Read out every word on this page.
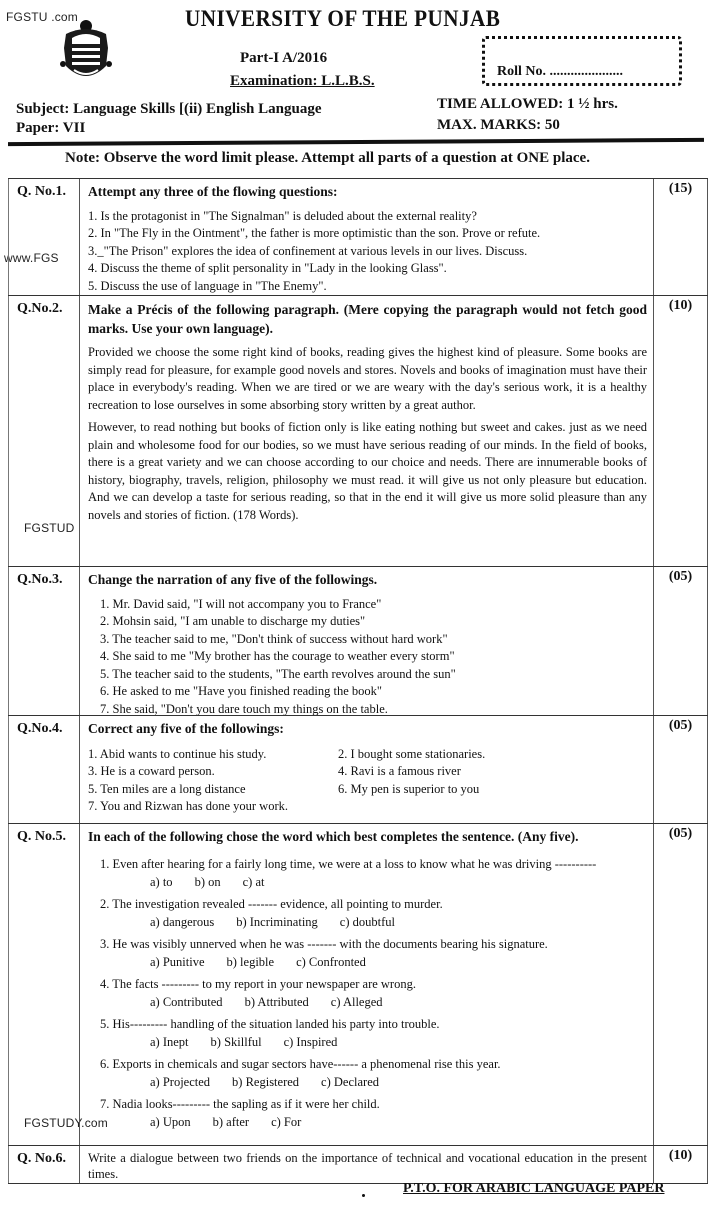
FGSTU .com
www.FGS
FGSTUD
FGSTUDY.com
UNIVERSITY OF THE PUNJAB
Part-I A/2016
Examination: L.L.B.S.
Roll No. .....................
Subject: Language Skills [(ii) English Language
Paper: VII
TIME ALLOWED: 1 ½ hrs.
MAX. MARKS: 50
Note: Observe the word limit please. Attempt all parts of a question at ONE place.
Q. No.1.	Attempt any three of the flowing questions:
1. Is the protagonist in "The Signalman" is deluded about the external reality?
2. In "The Fly in the Ointment", the father is more optimistic than the son. Prove or refute.
3._"The Prison" explores the idea of confinement at various levels in our lives. Discuss.
4. Discuss the theme of split personality in "Lady in the looking Glass".
5. Discuss the use of language in "The Enemy".
(15)
Q.No.2.	Make a Précis of the following paragraph. (Mere copying the paragraph would not fetch good marks. Use your own language).

Provided we choose the some right kind of books, reading gives the highest kind of pleasure. Some books are simply read for pleasure, for example good novels and stores. Novels and books of imagination must have their place in everybody's reading. When we are tired or we are weary with the day's serious work, it is a healthy recreation to lose ourselves in some absorbing story written by a great author.

However, to read nothing but books of fiction only is like eating nothing but sweet and cakes. just as we need plain and wholesome food for our bodies, so we must have serious reading of our minds. In the field of books, there is a great variety and we can choose according to our choice and needs. There are innumerable books of history, biography, travels, religion, philosophy we must read. it will give us not only pleasure but education. And we can develop a taste for serious reading, so that in the end it will give us more solid pleasure than any novels and stories of fiction. (178 Words).

(10)
Q.No.3.	Change the narration of any five of the followings.
1. Mr. David said, "I will not accompany you to France"
2. Mohsin said, "I am unable to discharge my duties"
3. The teacher said to me, "Don't think of success without hard work"
4. She said to me "My brother has the courage to weather every storm"
5. The teacher said to the students, "The earth revolves around the sun"
6. He asked to me "Have you finished reading the book"
7. She said, "Don't you dare touch my things on the table.
(05)
Q.No.4.	Correct any five of the followings:
1. Abid wants to continue his study.	2. I bought some stationaries.
3. He is a coward person.	4. Ravi is a famous river
5. Ten miles are a long distance	6. My pen is superior to you
7. You and Rizwan has done your work.
(05)
Q. No.5.	In each of the following chose the word which best completes the sentence. (Any five).
1. Even after hearing for a fairly long time, we were at a loss to know what he was driving ----------
a) to b) on c) at
2. The investigation revealed ------- evidence, all pointing to murder.
a) dangerous b) Incriminating c) doubtful
3. He was visibly unnerved when he was ------- with the documents bearing his signature.
a) Punitive b) legible c) Confronted
4. The facts --------- to my report in your newspaper are wrong.
a) Contributed b) Attributed c) Alleged
5. His--------- handling of the situation landed his party into trouble.
a) Inept b) Skillful c) Inspired
6. Exports in chemicals and sugar sectors have------ a phenomenal rise this year.
a) Projected b) Registered c) Declared
7. Nadia looks--------- the sapling as if it were her child.
a) Upon b) after c) For
(05)
Q. No.6.	Write a dialogue between two friends on the importance of technical and vocational education in the present times.
(10)
P.T.O. FOR ARABIC LANGUAGE PAPER
